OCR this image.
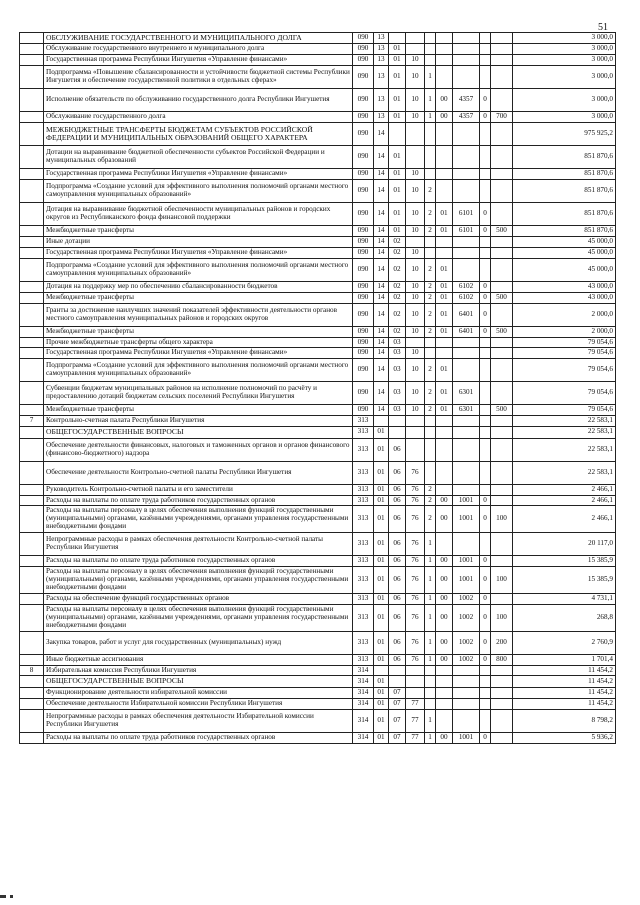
51
	ОБСЛУЖИВАНИЕ ГОСУДАРСТВЕННОГО И МУНИЦИПАЛЬНОГО ДОЛГА	090	13								3 000,0
	Обслуживание государственного внутреннего и муниципального долга	090	13	01							3 000,0
	Государственная программа Республики Ингушетия «Управление финансами»	090	13	01	10						3 000,0
	Подпрограмма «Повышение сбалансированности и устойчивости бюджетной системы Республики Ингушетия и обеспечение государственной политики в отдельных сферах»	090	13	01	10	1					3 000,0
	Исполнение обязательств по обслуживанию государственного долга Республики Ингушетия	090	13	01	10	1	00	4357	0		3 000,0
	Обслуживание государственного долга	090	13	01	10	1	00	4357	0	700	3 000,0
	МЕЖБЮДЖЕТНЫЕ ТРАНСФЕРТЫ БЮДЖЕТАМ СУБЪЕКТОВ РОССИЙСКОЙ ФЕДЕРАЦИИ И МУНИЦИПАЛЬНЫХ ОБРАЗОВАНИЙ ОБЩЕГО ХАРАКТЕРА	090	14								975 925,2
	Дотации на выравнивание бюджетной обеспеченности субъектов Российской Федерации и муниципальных образований	090	14	01							851 870,6
	Государственная программа Республики Ингушетия «Управление финансами»	090	14	01	10						851 870,6
	Подпрограмма «Создание условий для эффективного выполнения полномочий органами местного самоуправления муниципальных образований»	090	14	01	10	2					851 870,6
	Дотация на выравнивание бюджетной обеспеченности муниципальных районов и городских округов из Республиканского фонда финансовой поддержки	090	14	01	10	2	01	6101	0		851 870,6
	Межбюджетные трансферты	090	14	01	10	2	01	6101	0	500	851 870,6
	Иные дотации	090	14	02							45 000,0
	Государственная программа Республики Ингушетия «Управление финансами»	090	14	02	10						45 000,0
	Подпрограмма «Создание условий для эффективного выполнения полномочий органами местного самоуправления муниципальных образований»	090	14	02	10	2	01				45 000,0
	Дотация на поддержку мер по обеспечению сбалансированности бюджетов	090	14	02	10	2	01	6102	0		43 000,0
	Межбюджетные трансферты	090	14	02	10	2	01	6102	0	500	43 000,0
	Гранты за достижение наилучших значений показателей эффективности деятельности органов местного самоуправления муниципальных районов и городских округов	090	14	02	10	2	01	6401	0		2 000,0
	Межбюджетные трансферты	090	14	02	10	2	01	6401	0	500	2 000,0
	Прочие межбюджетные трансферты общего характера	090	14	03							79 054,6
	Государственная программа Республики Ингушетия «Управление финансами»	090	14	03	10						79 054,6
	Подпрограмма «Создание условий для эффективного выполнения полномочий органами местного самоуправления муниципальных образований»	090	14	03	10	2	01				79 054,6
	Субвенции бюджетам муниципальных районов на исполнение полномочий по расчёту и предоставлению дотаций бюджетам сельских поселений Республики Ингушетия	090	14	03	10	2	01	6301			79 054,6
	Межбюджетные трансферты	090	14	03	10	2	01	6301		500	79 054,6
7	Контрольно-счетная палата Республики Ингушетия	313									22 583,1
	ОБЩЕГОСУДАРСТВЕННЫЕ ВОПРОСЫ	313	01								22 583,1
	Обеспечение деятельности финансовых, налоговых и таможенных органов и органов финансового (финансово-бюджетного) надзора	313	01	06							22 583,1
	Обеспечение деятельности Контрольно-счетной палаты Республики Ингушетия	313	01	06	76						22 583,1
	Руководитель Контрольно-счетной палаты и его заместители	313	01	06	76	2					2 466,1
	Расходы на выплаты по оплате труда работников государственных органов	313	01	06	76	2	00	1001	0		2 466,1
	Расходы на выплаты персоналу в целях обеспечения выполнения функций государственными (муниципальными) органами, казёнными учреждениями, органами управления государственными внебюджетными фондами	313	01	06	76	2	00	1001	0	100	2 466,1
	Непрограммные расходы в рамках обеспечения деятельности Контрольно-счетной палаты Республики Ингушетия	313	01	06	76	1					20 117,0
	Расходы на выплаты по оплате труда работников государственных органов	313	01	06	76	1	00	1001	0		15 385,9
	Расходы на выплаты персоналу в целях обеспечения выполнения функций государственными (муниципальными) органами, казёнными учреждениями, органами управления государственными внебюджетными фондами	313	01	06	76	1	00	1001	0	100	15 385,9
	Расходы на обеспечение функций государственных органов	313	01	06	76	1	00	1002	0		4 731,1
	Расходы на выплаты персоналу в целях обеспечения выполнения функций государственными (муниципальными) органами, казёнными учреждениями, органами управления государственными внебюджетными фондами	313	01	06	76	1	00	1002	0	100	268,8
	Закупка товаров, работ и услуг для государственных (муниципальных) нужд	313	01	06	76	1	00	1002	0	200	2 760,9
	Иные бюджетные ассигнования	313	01	06	76	1	00	1002	0	800	1 701,4
8	Избирательная комиссия Республики Ингушетия	314									11 454,2
	ОБЩЕГОСУДАРСТВЕННЫЕ ВОПРОСЫ	314	01								11 454,2
	Функционирование деятельности избирательной комиссии	314	01	07							11 454,2
	Обеспечение деятельности Избирательной комиссии Республики Ингушетия	314	01	07	77						11 454,2
	Непрограммные расходы в рамках обеспечения деятельности Избирательной комиссии Республики Ингушетия	314	01	07	77	1					8 798,2
	Расходы на выплаты по оплате труда работников государственных органов	314	01	07	77	1	00	1001	0		5 936,2
